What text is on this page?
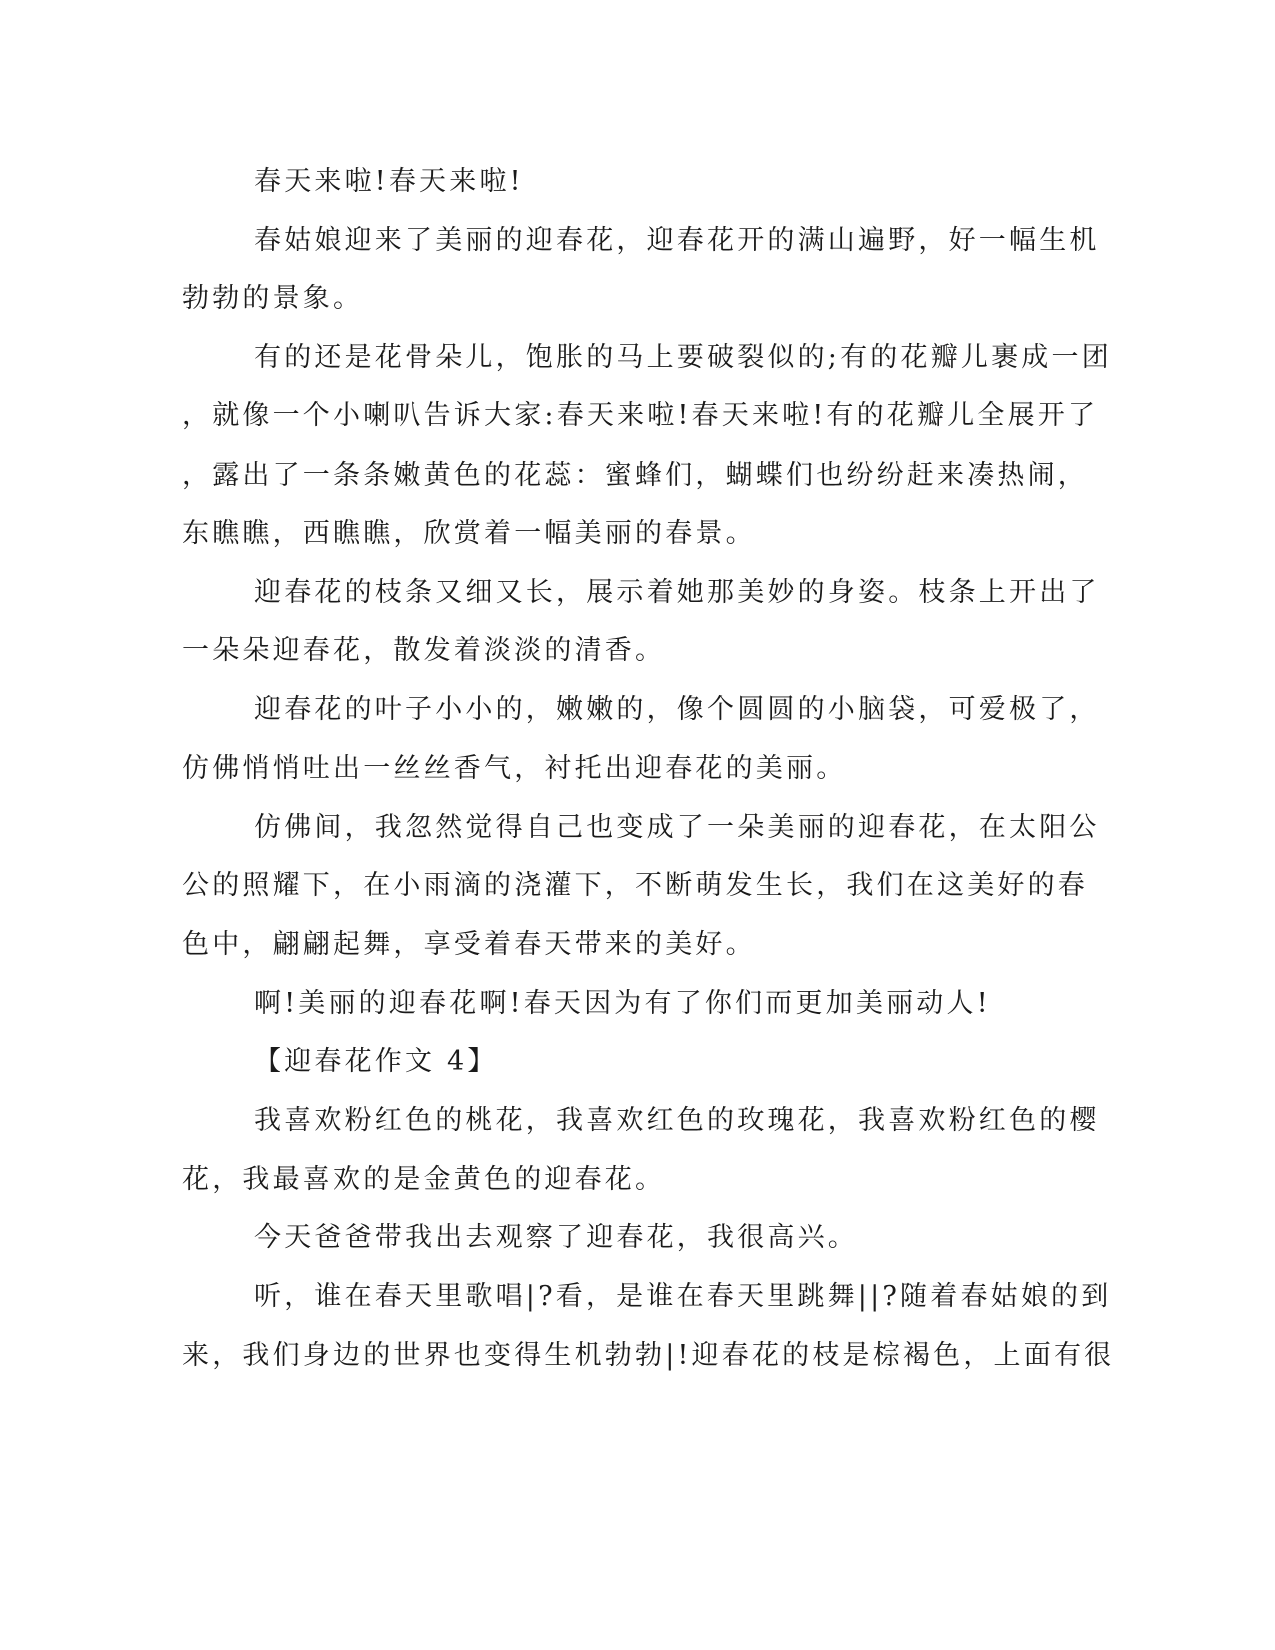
春天来啦!春天来啦!
春姑娘迎来了美丽的迎春花，迎春花开的满山遍野，好一幅生机
勃勃的景象。
有的还是花骨朵儿，饱胀的马上要破裂似的;有的花瓣儿裹成一团
，就像一个小喇叭告诉大家:春天来啦!春天来啦!有的花瓣儿全展开了
，露出了一条条嫩黄色的花蕊：蜜蜂们，蝴蝶们也纷纷赶来凑热闹，
东瞧瞧，西瞧瞧，欣赏着一幅美丽的春景。
迎春花的枝条又细又长，展示着她那美妙的身姿。枝条上开出了
一朵朵迎春花，散发着淡淡的清香。
迎春花的叶子小小的，嫩嫩的，像个圆圆的小脑袋，可爱极了，
仿佛悄悄吐出一丝丝香气，衬托出迎春花的美丽。
仿佛间，我忽然觉得自己也变成了一朵美丽的迎春花，在太阳公
公的照耀下，在小雨滴的浇灌下，不断萌发生长，我们在这美好的春
色中，翩翩起舞，享受着春天带来的美好。
啊!美丽的迎春花啊!春天因为有了你们而更加美丽动人!
【迎春花作文 4】
我喜欢粉红色的桃花，我喜欢红色的玫瑰花，我喜欢粉红色的樱
花，我最喜欢的是金黄色的迎春花。
今天爸爸带我出去观察了迎春花，我很高兴。
听，谁在春天里歌唱|?看，是谁在春天里跳舞||?随着春姑娘的到
来，我们身边的世界也变得生机勃勃|!迎春花的枝是棕褐色，上面有很
